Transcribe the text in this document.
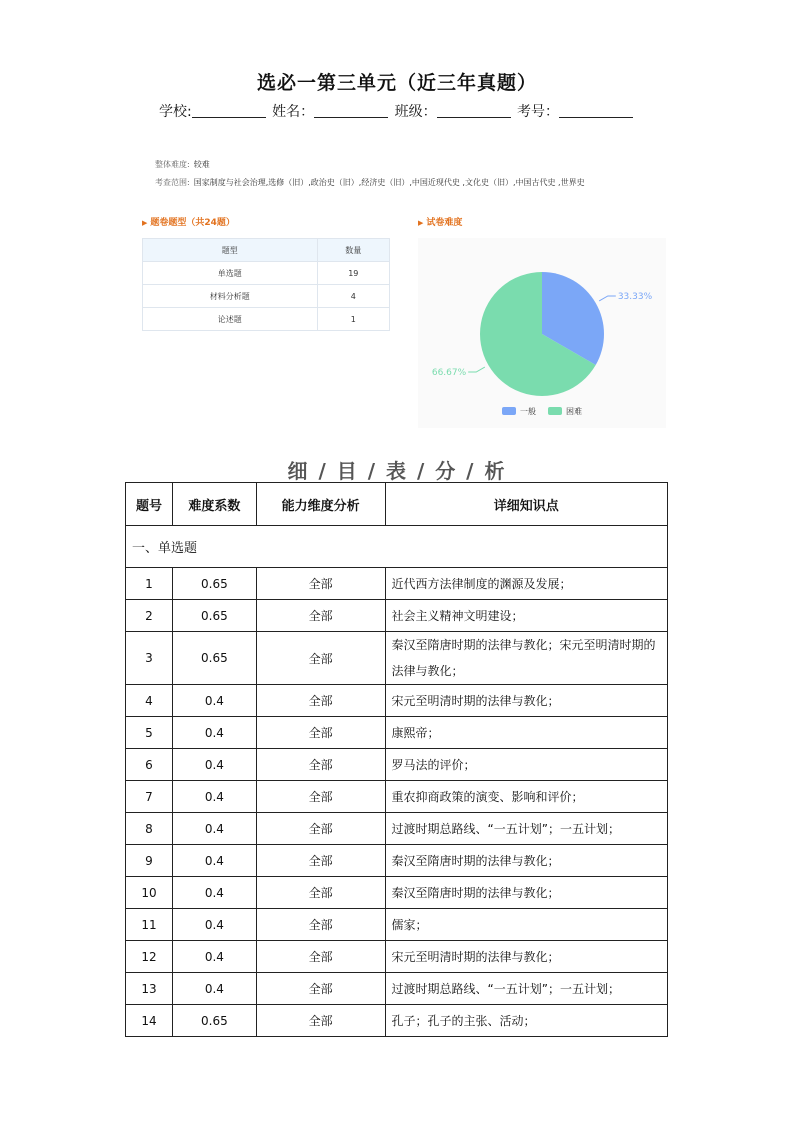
选必一第三单元（近三年真题）
学校:	姓名：	班级：	考号：
整体难度: 较难
考查范围: 国家制度与社会治理,选修（旧）,政治史（旧）,经济史（旧）,中国近现代史 ,文化史（旧）,中国古代史 ,世界史
▶ 题卷题型（共24题）
题型	数量
单选题	19
材料分析题	4
论述题	1
▶ 试卷难度
33.33%
66.67%
一般	困难
细 / 目 / 表 / 分 / 析
题号	难度系数	能力维度分析	详细知识点
一、单选题			
1	0.65	全部	近代西方法律制度的渊源及发展；
2	0.65	全部	社会主义精神文明建设；
3	0.65	全部	秦汉至隋唐时期的法律与教化；宋元至明清时期的法律与教化；
4	0.4	全部	宋元至明清时期的法律与教化；
5	0.4	全部	康熙帝；
6	0.4	全部	罗马法的评价；
7	0.4	全部	重农抑商政策的演变、影响和评价；
8	0.4	全部	过渡时期总路线、“一五计划”；一五计划；
9	0.4	全部	秦汉至隋唐时期的法律与教化；
10	0.4	全部	秦汉至隋唐时期的法律与教化；
11	0.4	全部	儒家；
12	0.4	全部	宋元至明清时期的法律与教化；
13	0.4	全部	过渡时期总路线、“一五计划”；一五计划；
14	0.65	全部	孔子；孔子的主张、活动；
